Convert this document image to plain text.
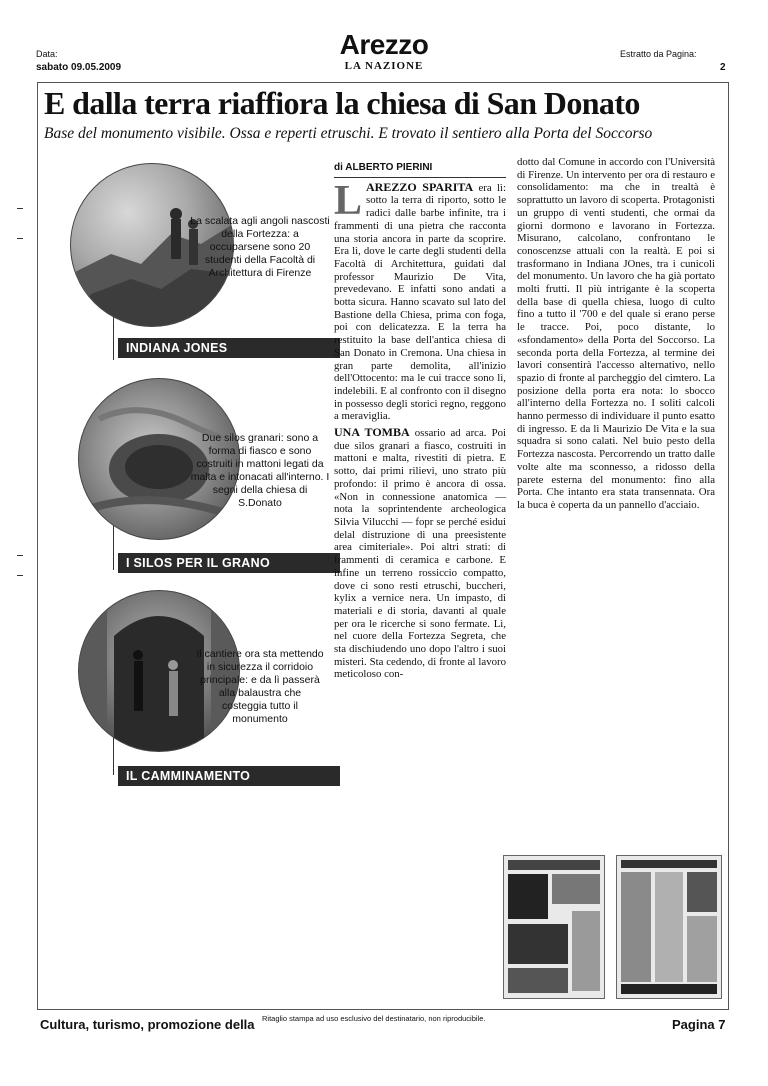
Data:
sabato 09.05.2009
Arezzo
LA NAZIONE
Estratto da Pagina:
2
E dalla terra riaffiora la chiesa di San Donato
Base del monumento visibile. Ossa e reperti etruschi. E trovato il sentiero alla Porta del Soccorso
La scalata agli angoli nascosti della Fortezza: a occuparsene sono 20 studenti della Facoltà di Architettura di Firenze
INDIANA JONES
Due silos granari: sono a forma di fiasco e sono costruiti in mattoni legati da malta e intonacati all'interno. I segni della chiesa di S.Donato
I SILOS PER IL GRANO
Il cantiere ora sta mettendo in sicurezza il corridoio principale: e da lì passerà alla balaustra che costeggia tutto il monumento
IL CAMMINAMENTO
di ALBERTO PIERINI

L AREZZO SPARITA era lì: sotto la terra di riporto, sotto le radici dalle barbe infinite, tra i frammenti di una pietra che racconta una storia ancora in parte da scoprire. Era lì, dove le carte degli studenti della Facoltà di Architettura, guidati dal professor Maurizio De Vita, prevedevano. E infatti sono andati a botta sicura. Hanno scavato sul lato del Bastione della Chiesa, prima con foga, poi con delicatezza. E la terra ha restituito la base dell'antica chiesa di San Donato in Cremona. Una chiesa in gran parte demolita, all'inizio dell'Ottocento: ma le cui tracce sono lì, indelebili. E al confronto con il disegno in possesso degli storici regno, reggono a meraviglia.

UNA TOMBA ossario ad arca. Poi due silos granari a fiasco, costruiti in mattoni e malta, rivestiti di pietra. E sotto, dai primi rilievi, uno strato più profondo: il primo è ancora di ossa. «Non in connessione anatomica — nota la soprintendente archeologica Silvia Vilucchi — fopr se perché esidui delal distruzione di una preesistente area cimiteriale». Poi altri strati: di frammenti di ceramica e carbone. E infine un terreno rossiccio compatto, dove ci sono resti etruschi, buccheri, kylix a vernice nera. Un impasto, di materiali e di storia, davanti al quale per ora le ricerche si sono fermate. Lì, nel cuore della Fortezza Segreta, che sta dischiudendo uno dopo l'altro i suoi misteri. Sta cedendo, di fronte al lavoro meticoloso con-

dotto dal Comune in accordo con l'Università di Firenze. Un intervento per ora di restauro e consolidamento: ma che in trealtà è soprattutto un lavoro di scoperta. Protagonisti un gruppo di venti studenti, che ormai da giorni dormono e lavorano in Fortezza. Misurano, calcolano, confrontano le conoscenzse attuali con la realtà. E poi si trasformano in Indiana JOnes, tra i cunicoli del monumento. Un lavoro che ha già portato molti frutti. Il più intrigante è la scoperta della base di quella chiesa, luogo di culto fino a tutto il '700 e del quale si erano perse le tracce. Poi, poco distante, lo «sfondamento» della Porta del Soccorso. La seconda porta della Fortezza, al termine dei lavori consentirà l'accesso alternativo, nello spazio di fronte al parcheggio del cimtero. La posizione della porta era nota: lo sbocco all'interno della Fortezza no. I soliti calcoli hanno permesso di individuare il punto esatto di ingresso. E da lì Maurizio De Vita e la sua squadra si sono calati. Nel buio pesto della Fortezza nascosta. Percorrendo un tratto dalle volte alte ma sconnesso, a ridosso della parete esterna del monumento: fino alla Porta. Che intanto era stata transennata. Ora la buca è coperta da un pannello d'acciaio.

Cultura, turismo, promozione della Ritaglio stampa ad uso esclusivo del destinatario, non riproducibile.	Pagina 7
